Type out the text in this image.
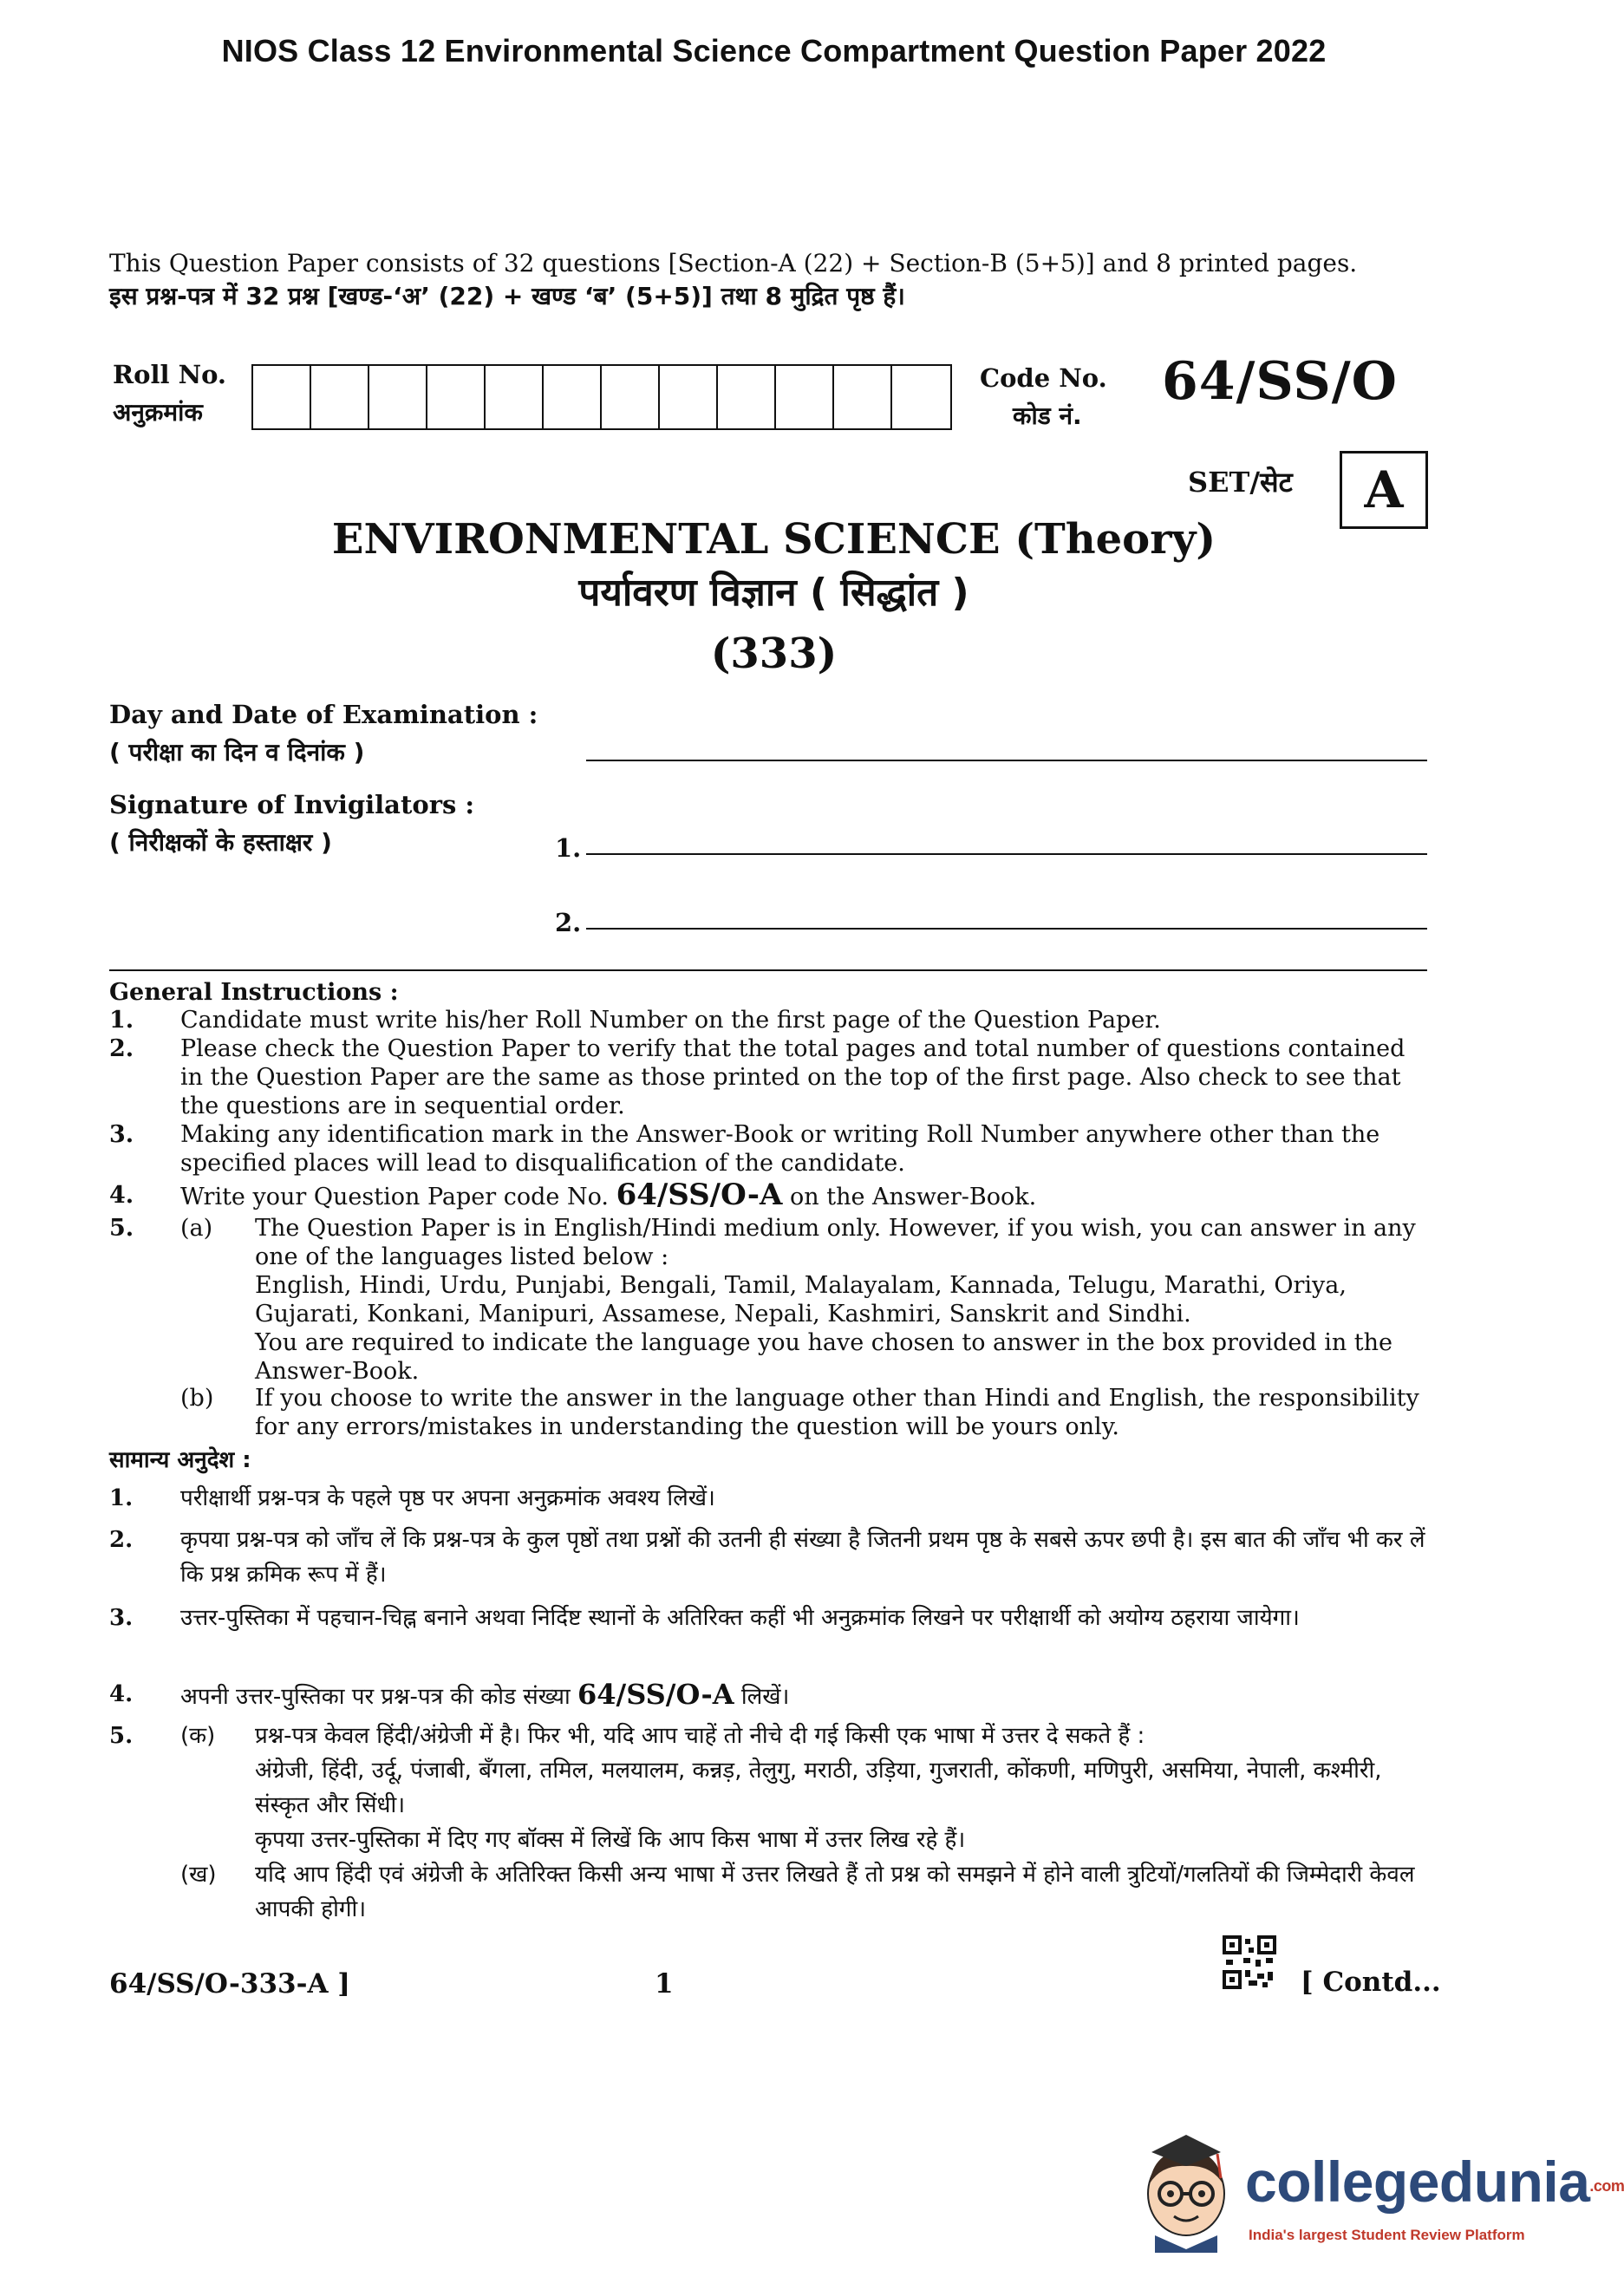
NIOS Class 12 Environmental Science Compartment Question Paper 2022
This Question Paper consists of 32 questions [Section-A (22) + Section-B (5+5)] and 8 printed pages.
इस प्रश्न-पत्र में 32 प्रश्न [खण्ड-‘अ’ (22) + खण्ड ‘ब’ (5+5)] तथा 8 मुद्रित पृष्ठ हैं।
Roll No.
अनुक्रमांक
Code No.
कोड नं.
64/SS/O
SET/सेट	A
ENVIRONMENTAL SCIENCE (Theory)
पर्यावरण विज्ञान ( सिद्धांत )
(333)
Day and Date of Examination :
( परीक्षा का दिन व दिनांक )
Signature of Invigilators :
( निरीक्षकों के हस्ताक्षर )	1.
2.
General Instructions :
1. Candidate must write his/her Roll Number on the first page of the Question Paper.
2. Please check the Question Paper to verify that the total pages and total number of questions contained in the Question Paper are the same as those printed on the top of the first page. Also check to see that the questions are in sequential order.
3. Making any identification mark in the Answer-Book or writing Roll Number anywhere other than the specified places will lead to disqualification of the candidate.
4. Write your Question Paper code No. 64/SS/O-A on the Answer-Book.
5. (a) The Question Paper is in English/Hindi medium only. However, if you wish, you can answer in any one of the languages listed below :
English, Hindi, Urdu, Punjabi, Bengali, Tamil, Malayalam, Kannada, Telugu, Marathi, Oriya, Gujarati, Konkani, Manipuri, Assamese, Nepali, Kashmiri, Sanskrit and Sindhi.
You are required to indicate the language you have chosen to answer in the box provided in the Answer-Book.
(b) If you choose to write the answer in the language other than Hindi and English, the responsibility for any errors/mistakes in understanding the question will be yours only.
सामान्य अनुदेश :
1. परीक्षार्थी प्रश्न-पत्र के पहले पृष्ठ पर अपना अनुक्रमांक अवश्य लिखें।
2. कृपया प्रश्न-पत्र को जाँच लें कि प्रश्न-पत्र के कुल पृष्ठों तथा प्रश्नों की उतनी ही संख्या है जितनी प्रथम पृष्ठ के सबसे ऊपर छपी है। इस बात की जाँच भी कर लें कि प्रश्न क्रमिक रूप में हैं।
3. उत्तर-पुस्तिका में पहचान-चिह्न बनाने अथवा निर्दिष्ट स्थानों के अतिरिक्त कहीं भी अनुक्रमांक लिखने पर परीक्षार्थी को अयोग्य ठहराया जायेगा।
4. अपनी उत्तर-पुस्तिका पर प्रश्न-पत्र की कोड संख्या 64/SS/O-A लिखें।
5. (क) प्रश्न-पत्र केवल हिंदी/अंग्रेजी में है। फिर भी, यदि आप चाहें तो नीचे दी गई किसी एक भाषा में उत्तर दे सकते हैं :
अंग्रेजी, हिंदी, उर्दू, पंजाबी, बँगला, तमिल, मलयालम, कन्नड़, तेलुगु, मराठी, उड़िया, गुजराती, कोंकणी, मणिपुरी, असमिया, नेपाली, कश्मीरी, संस्कृत और सिंधी।
कृपया उत्तर-पुस्तिका में दिए गए बॉक्स में लिखें कि आप किस भाषा में उत्तर लिख रहे हैं।
(ख) यदि आप हिंदी एवं अंग्रेजी के अतिरिक्त किसी अन्य भाषा में उत्तर लिखते हैं तो प्रश्न को समझने में होने वाली त्रुटियों/गलतियों की जिम्मेदारी केवल आपकी होगी।
64/SS/O-333-A ]	1	[ Contd...
collegedunia.com
India's largest Student Review Platform
